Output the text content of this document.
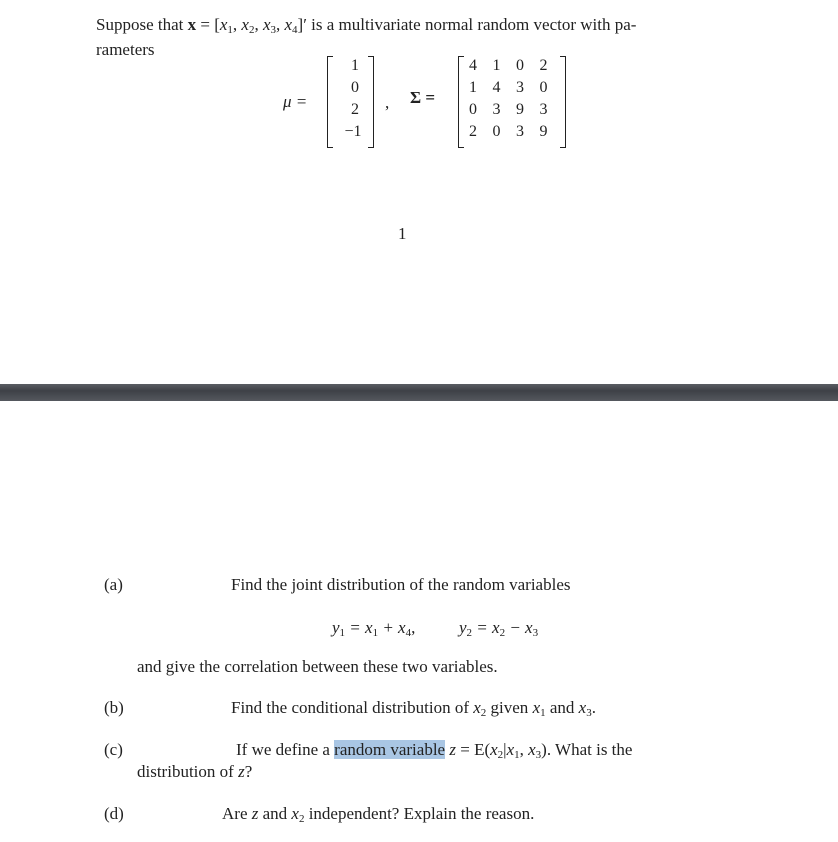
Suppose that $x = [x_1$, $x_2$, $x_3$, $x_4]'$ is a multivariate normal random vector with pa-
rameters
μ =
1
0
2
−1
, Σ =
4 1 0 2
1 4 3 0
0 3 9 3
2 0 3 9
1
(a)	Find the joint distribution of the random variables
$y_1 = x_1 + x_4$,	$y_2 = x_2 - x_3$
and give the correlation between these two variables.
(b)	Find the conditional distribution of $x_2$ given $x_1$ and $x_3$.
(c)	If we define a random variable $z = E(x_2|x_1$, $x_3$). What is the
distribution of z?
(d)	Are z and $x_2$ independent? Explain the reason.
